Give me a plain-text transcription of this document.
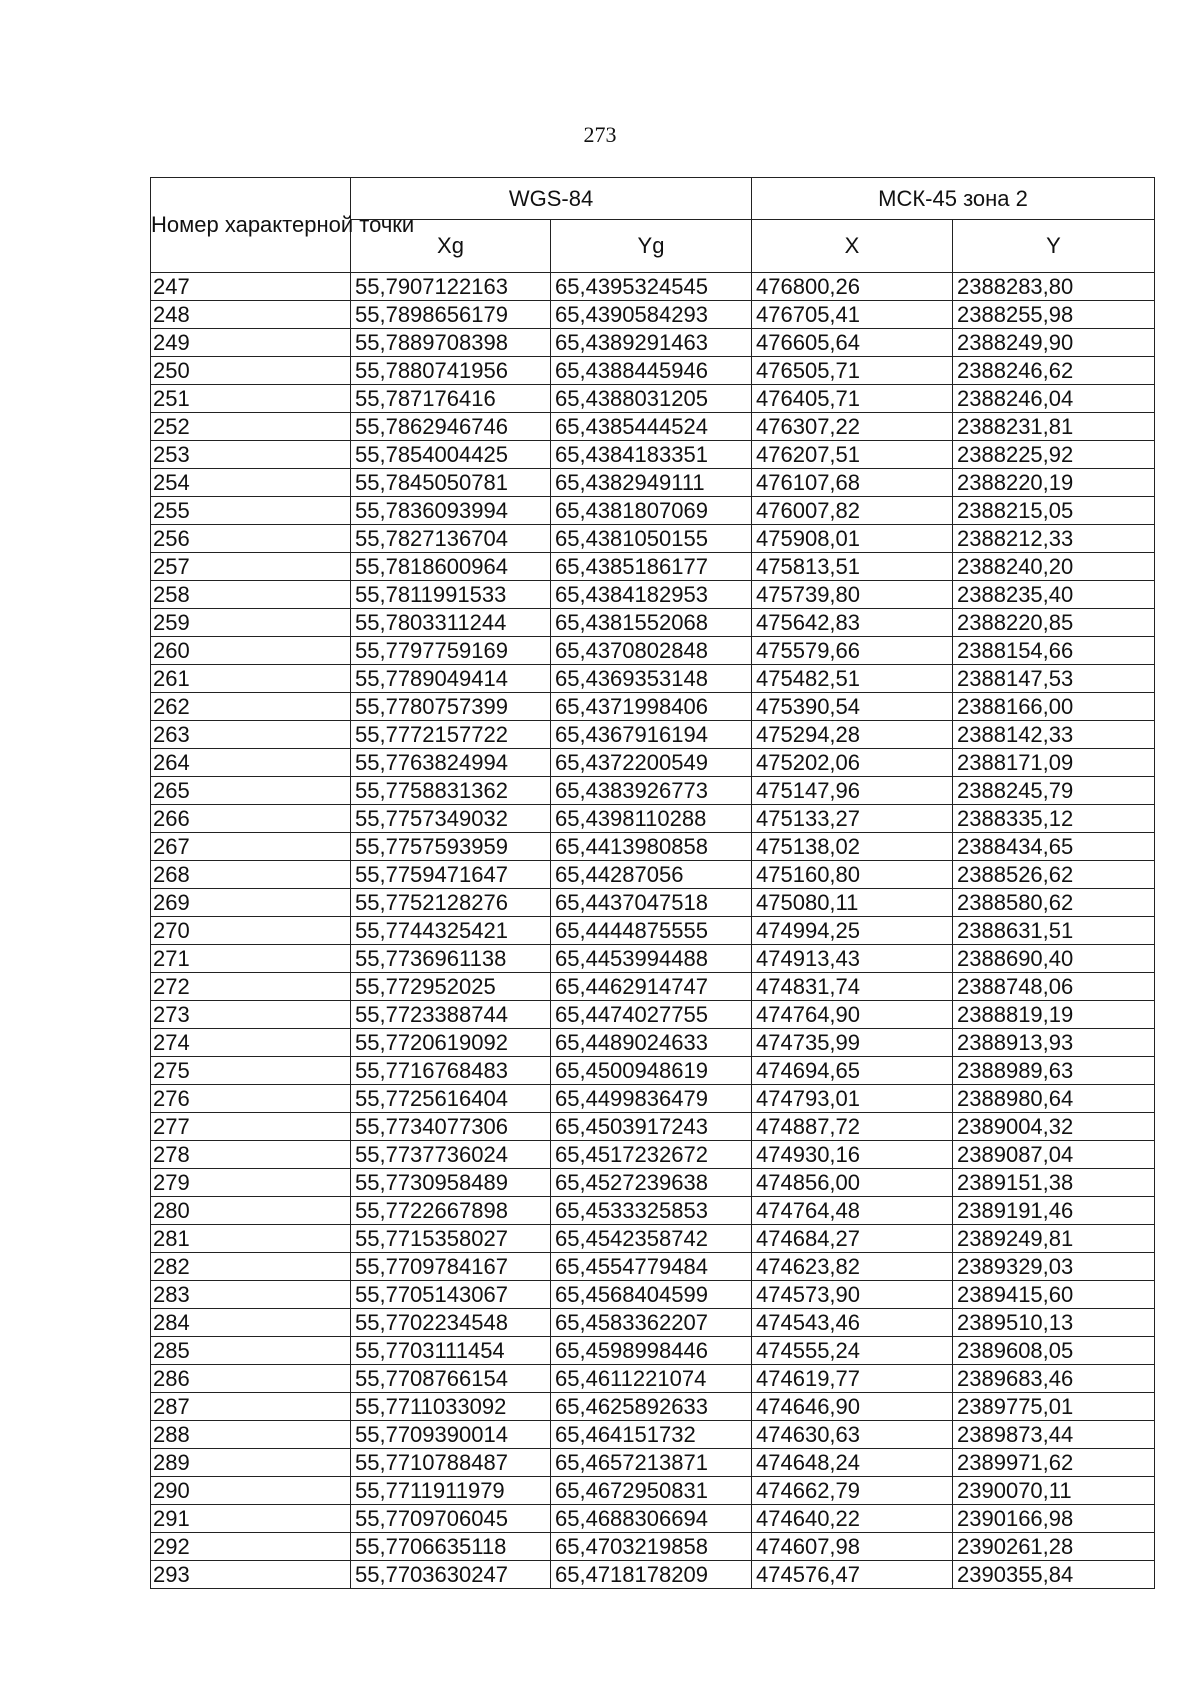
273
Номер характерной точки	WGS-84		МСК-45 зона 2	
	Xg	Yg	X	Y
247	55,7907122163	65,4395324545	476800,26	2388283,80
248	55,7898656179	65,4390584293	476705,41	2388255,98
249	55,7889708398	65,4389291463	476605,64	2388249,90
250	55,7880741956	65,4388445946	476505,71	2388246,62
251	55,787176416	65,4388031205	476405,71	2388246,04
252	55,7862946746	65,4385444524	476307,22	2388231,81
253	55,7854004425	65,4384183351	476207,51	2388225,92
254	55,7845050781	65,4382949111	476107,68	2388220,19
255	55,7836093994	65,4381807069	476007,82	2388215,05
256	55,7827136704	65,4381050155	475908,01	2388212,33
257	55,7818600964	65,4385186177	475813,51	2388240,20
258	55,7811991533	65,4384182953	475739,80	2388235,40
259	55,7803311244	65,4381552068	475642,83	2388220,85
260	55,7797759169	65,4370802848	475579,66	2388154,66
261	55,7789049414	65,4369353148	475482,51	2388147,53
262	55,7780757399	65,4371998406	475390,54	2388166,00
263	55,7772157722	65,4367916194	475294,28	2388142,33
264	55,7763824994	65,4372200549	475202,06	2388171,09
265	55,7758831362	65,4383926773	475147,96	2388245,79
266	55,7757349032	65,4398110288	475133,27	2388335,12
267	55,7757593959	65,4413980858	475138,02	2388434,65
268	55,7759471647	65,44287056	475160,80	2388526,62
269	55,7752128276	65,4437047518	475080,11	2388580,62
270	55,7744325421	65,4444875555	474994,25	2388631,51
271	55,7736961138	65,4453994488	474913,43	2388690,40
272	55,772952025	65,4462914747	474831,74	2388748,06
273	55,7723388744	65,4474027755	474764,90	2388819,19
274	55,7720619092	65,4489024633	474735,99	2388913,93
275	55,7716768483	65,4500948619	474694,65	2388989,63
276	55,7725616404	65,4499836479	474793,01	2388980,64
277	55,7734077306	65,4503917243	474887,72	2389004,32
278	55,7737736024	65,4517232672	474930,16	2389087,04
279	55,7730958489	65,4527239638	474856,00	2389151,38
280	55,7722667898	65,4533325853	474764,48	2389191,46
281	55,7715358027	65,4542358742	474684,27	2389249,81
282	55,7709784167	65,4554779484	474623,82	2389329,03
283	55,7705143067	65,4568404599	474573,90	2389415,60
284	55,7702234548	65,4583362207	474543,46	2389510,13
285	55,7703111454	65,4598998446	474555,24	2389608,05
286	55,7708766154	65,4611221074	474619,77	2389683,46
287	55,7711033092	65,4625892633	474646,90	2389775,01
288	55,7709390014	65,464151732	474630,63	2389873,44
289	55,7710788487	65,4657213871	474648,24	2389971,62
290	55,7711911979	65,4672950831	474662,79	2390070,11
291	55,7709706045	65,4688306694	474640,22	2390166,98
292	55,7706635118	65,4703219858	474607,98	2390261,28
293	55,7703630247	65,4718178209	474576,47	2390355,84
